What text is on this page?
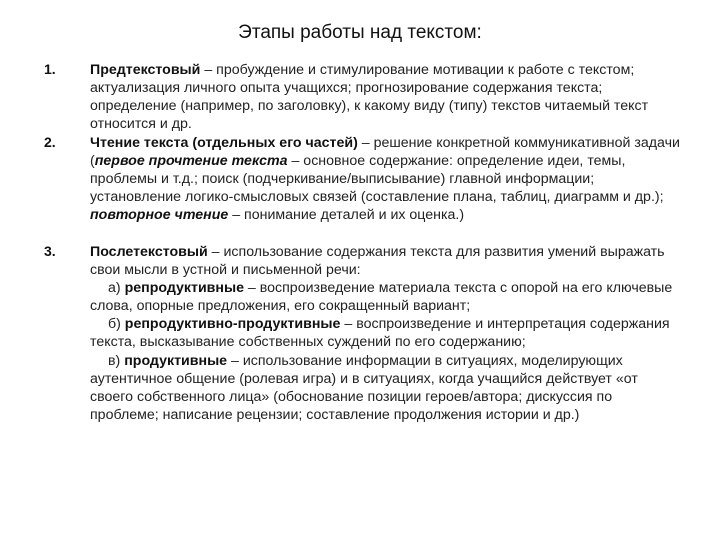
Этапы работы над текстом:
1. Предтекстовый – пробуждение и стимулирование мотивации к работе с текстом; актуализация личного опыта учащихся; прогнозирование содержания текста; определение (например, по заголовку), к какому виду (типу) текстов читаемый текст относится и др.

2. Чтение текста (отдельных его частей) – решение конкретной коммуникативной задачи (первое прочтение текста – основное содержание: определение идеи, темы, проблемы и т.д.; поиск (подчеркивание/выписывание) главной информации; установление логико-смысловых связей (составление плана, таблиц, диаграмм и др.); повторное чтение – понимание деталей и их оценка.)

3. Послетекстовый – использование содержания текста для развития умений выражать свои мысли в устной и письменной речи:

а) репродуктивные – воспроизведение материала текста с опорой на его ключевые слова, опорные предложения, его сокращенный вариант;

б) репродуктивно-продуктивные – воспроизведение и интерпретация содержания текста, высказывание собственных суждений по его содержанию;

в) продуктивные – использование информации в ситуациях, моделирующих аутентичное общение (ролевая игра) и в ситуациях, когда учащийся действует «от своего собственного лица» (обоснование позиции героев/автора; дискуссия по проблеме; написание рецензии; составление продолжения истории и др.)
